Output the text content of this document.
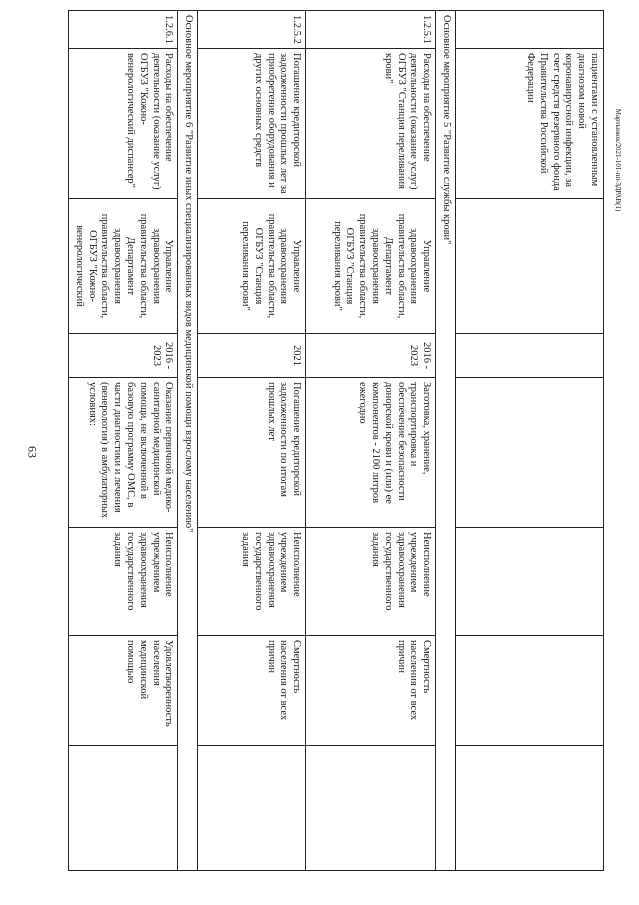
63
Мартынюк/2021-101-пп-ЗДРАВ(1)
	пациентами с установленным диагнозом новой коронавирусной инфекции, за счет средств резервного фонда Правительства Российской Федерации						
Основное мероприятие 5 "Развитие службы крови"							
1.2.5.1	Расходы на обеспечение деятельности (оказание услуг) ОГБУЗ "Станция переливания крови"	Управление здравоохранения правительства области, Департамент здравоохранения правительства области, ОГБУЗ "Станция переливания крови"	2016 - 2023	Заготовка, хранение, транспортировка и обеспечение безопасности донорской крови и (или) ее компонентов - 2100 литров ежегодно	Неисполнение учреждением здравоохранения государственного задания	Смертность населения от всех причин	
1.2.5.2	Погашение кредиторской задолженности прошлых лет за приобретение оборудования и других основных средств	Управление здравоохранения правительства области, ОГБУЗ "Станция переливания крови"	2021	Погашение кредиторской задолженности по итогам прошлых лет	Неисполнение учреждением здравоохранения государственного задания	Смертность населения от всех причин	
Основное мероприятие 6 "Развитие иных специализированных видов медицинской помощи взрослому населению"							
1.2.6.1	Расходы на обеспечение деятельности (оказание услуг) ОГБУЗ "Кожно-венерологический диспансер"	Управление здравоохранения правительства области, Департамент здравоохранения правительства области, ОГБУЗ "Кожно-венерологический	2016 - 2023	Оказание первичной медико-санитарной медицинской помощи, не включенной в базовую программу ОМС, в части диагностики и лечения (венерология) в амбулаторных условиях:	Неисполнение учреждением здравоохранения государственного задания	Удовлетворенность населения медицинской помощью	
